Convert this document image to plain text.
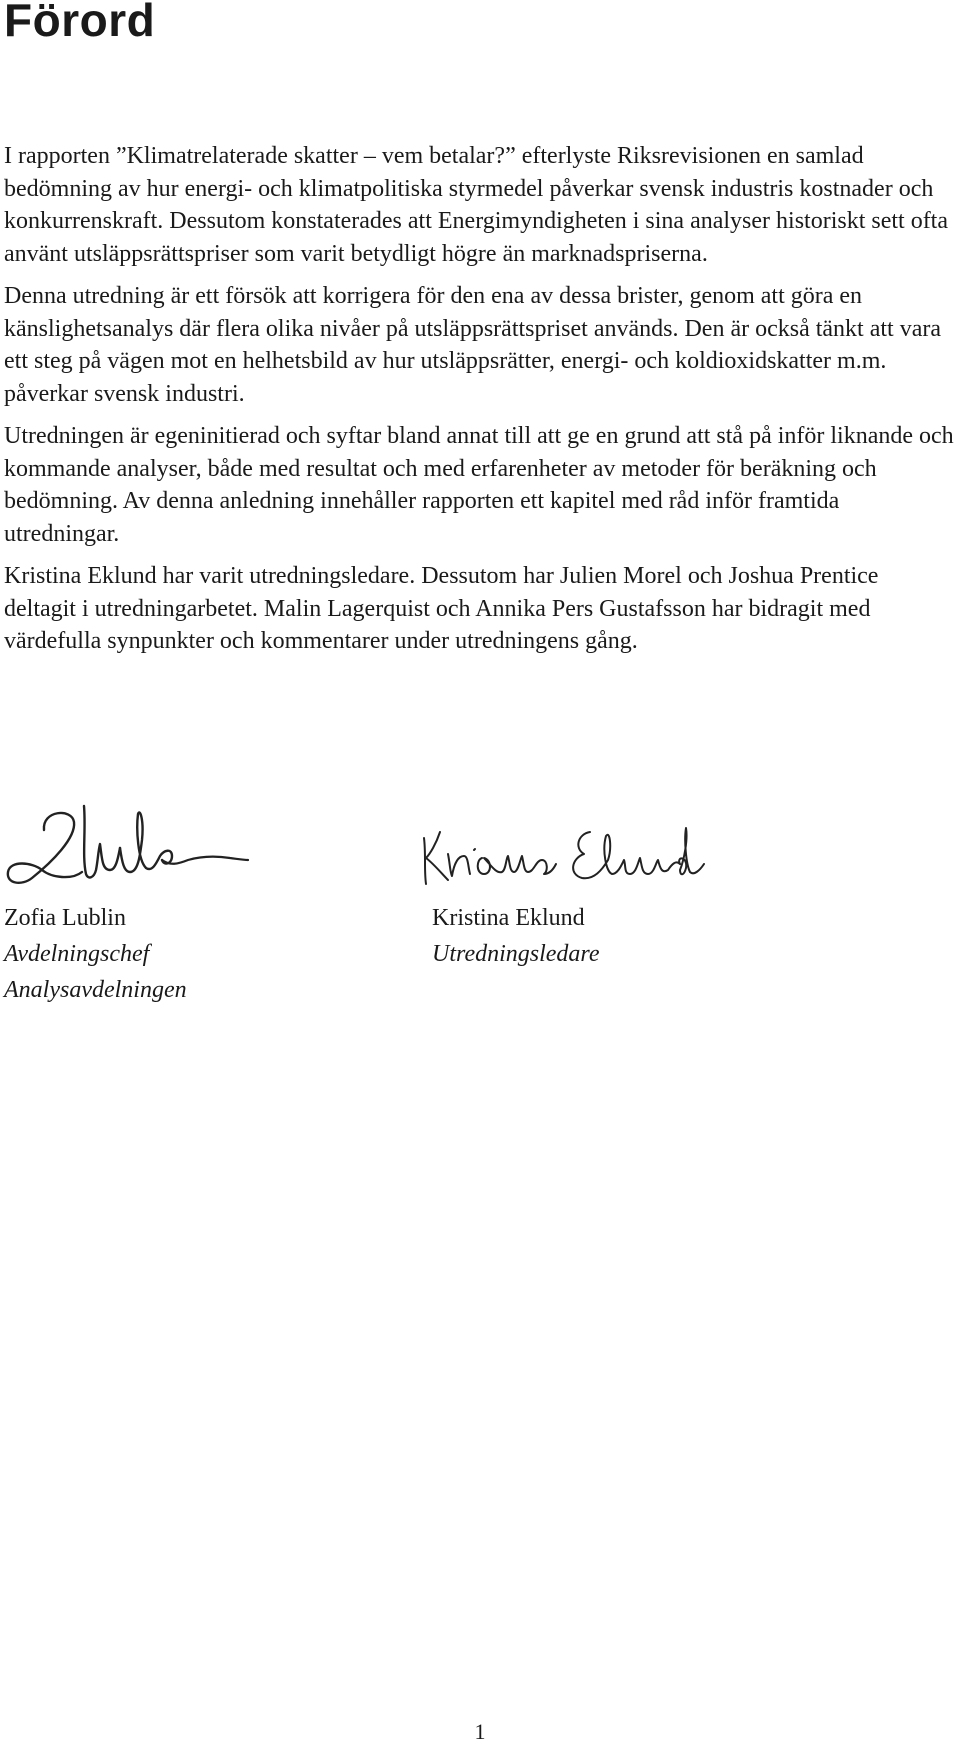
Förord

I rapporten ”Klimatrelaterade skatter – vem betalar?” efterlyste Riksrevisionen en samlad bedömning av hur energi- och klimatpolitiska styrmedel påverkar svensk industris kostnader och konkurrenskraft. Dessutom konstaterades att Energimyndigheten i sina analyser historiskt sett ofta använt utsläppsrättspriser som varit betydligt högre än marknadspriserna.

Denna utredning är ett försök att korrigera för den ena av dessa brister, genom att göra en känslighetsanalys där flera olika nivåer på utsläppsrättspriset används. Den är också tänkt att vara ett steg på vägen mot en helhetsbild av hur utsläppsrätter, energi- och koldioxidskatter m.m. påverkar svensk industri.

Utredningen är egeninitierad och syftar bland annat till att ge en grund att stå på inför liknande och kommande analyser, både med resultat och med erfarenheter av metoder för beräkning och bedömning. Av denna anledning innehåller rapporten ett kapitel med råd inför framtida utredningar.

Kristina Eklund har varit utredningsledare. Dessutom har Julien Morel och Joshua Prentice deltagit i utredningarbetet. Malin Lagerquist och Annika Pers Gustafsson har bidragit med värdefulla synpunkter och kommentarer under utredningens gång.

Zofia Lublin
Avdelningschef
Analysavdelningen
Kristina Eklund
Utredningsledare
1
